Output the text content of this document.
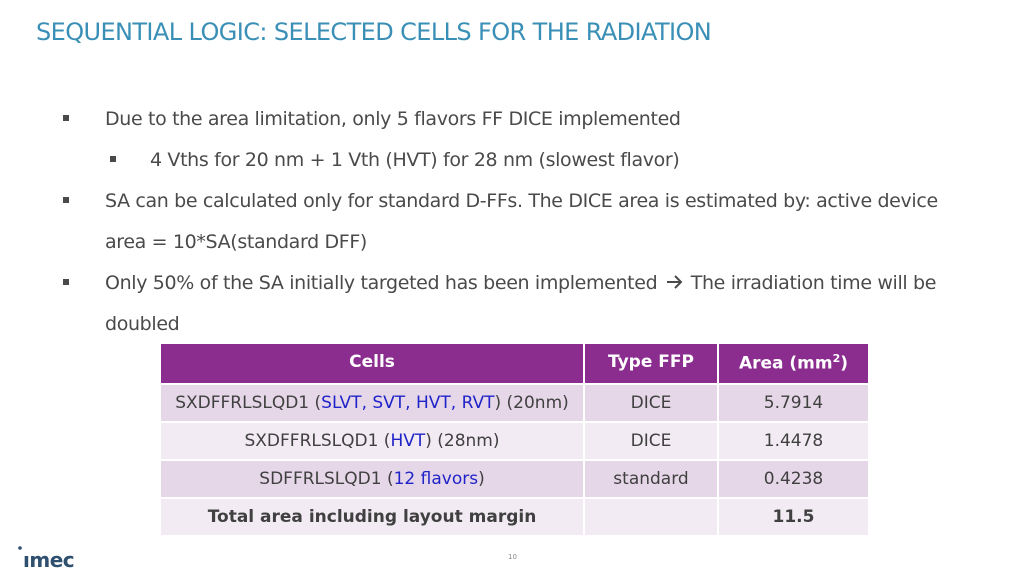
SEQUENTIAL LOGIC: SELECTED CELLS FOR THE RADIATION
Due to the area limitation, only 5 flavors FF DICE implemented
4 Vths for 20 nm + 1 Vth (HVT) for 28 nm (slowest flavor)
SA can be calculated only for standard D-FFs. The DICE area is estimated by: active device
area = 10*SA(standard DFF)
Only 50% of the SA initially targeted has been implemented The irradiation time will be
doubled
Cells	Type FFP	Area $(mm^2)$
SXDFFRLSLQD1 (SLVT, SVT, HVT, RVT) (20nm)	DICE	5.7914
SXDFFRLSLQD1 (HVT) (28nm)	DICE	1.4478
SDFFRLSLQD1 (12 flavors)	standard	0.4238
Total area including layout margin		11.5
ımec	10
